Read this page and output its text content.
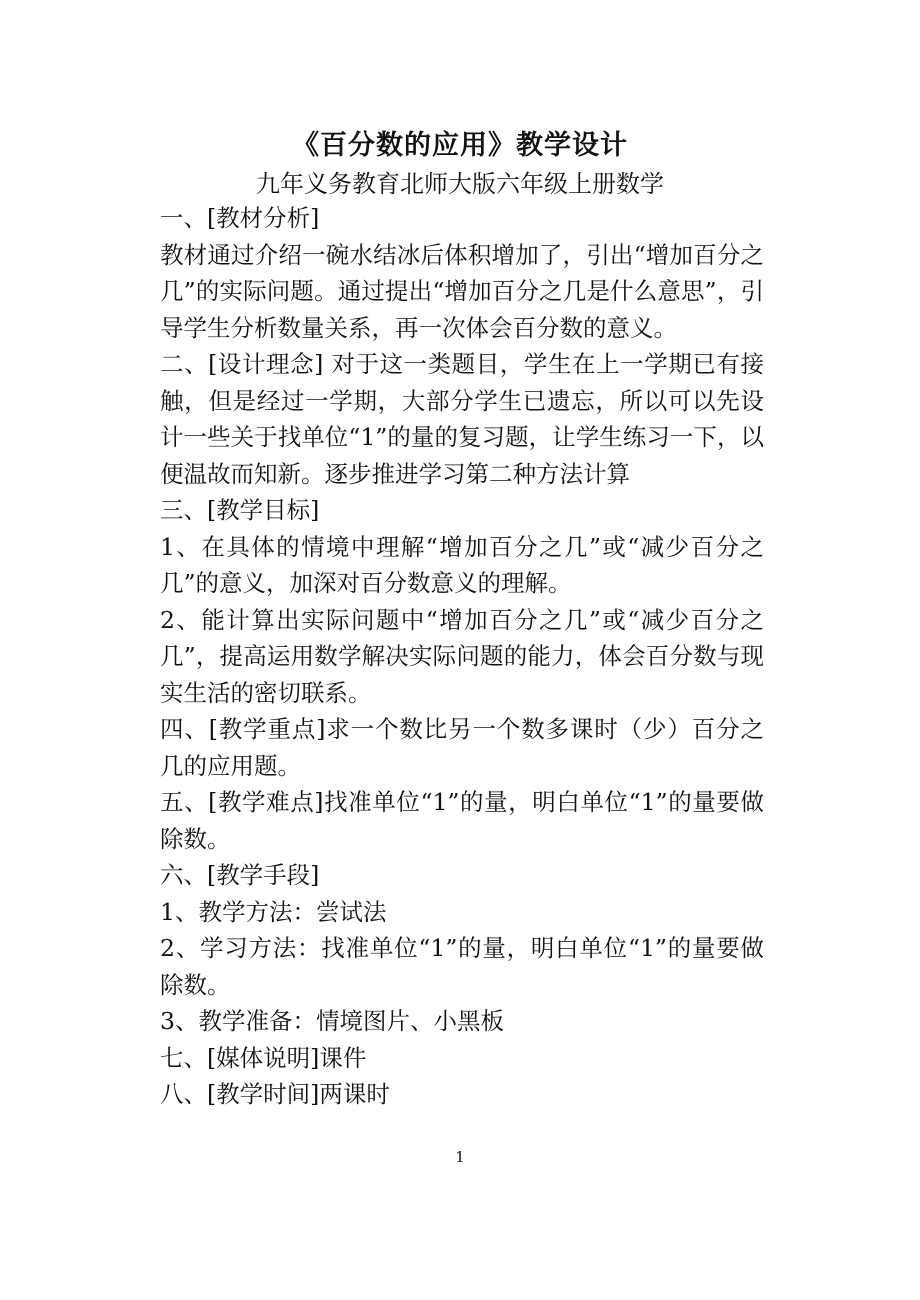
《百分数的应用》教学设计
九年义务教育北师大版六年级上册数学

一、[教材分析]

教材通过介绍一碗水结冰后体积增加了，引出“增加百分之几”的实际问题。通过提出“增加百分之几是什么意思”，引导学生分析数量关系，再一次体会百分数的意义。

二、[设计理念] 对于这一类题目，学生在上一学期已有接触，但是经过一学期，大部分学生已遗忘，所以可以先设计一些关于找单位“1”的量的复习题，让学生练习一下，以便温故而知新。逐步推进学习第二种方法计算

三、[教学目标]

1、在具体的情境中理解“增加百分之几”或“减少百分之几”的意义，加深对百分数意义的理解。

2、能计算出实际问题中“增加百分之几”或“减少百分之几”，提高运用数学解决实际问题的能力，体会百分数与现实生活的密切联系。

四、[教学重点]求一个数比另一个数多课时（少）百分之几的应用题。

五、[教学难点]找准单位“1”的量，明白单位“1”的量要做除数。

六、[教学手段]

1、教学方法：尝试法

2、学习方法：找准单位“1”的量，明白单位“1”的量要做除数。

3、教学准备：情境图片、小黑板

七、[媒体说明]课件

八、[教学时间]两课时

1
